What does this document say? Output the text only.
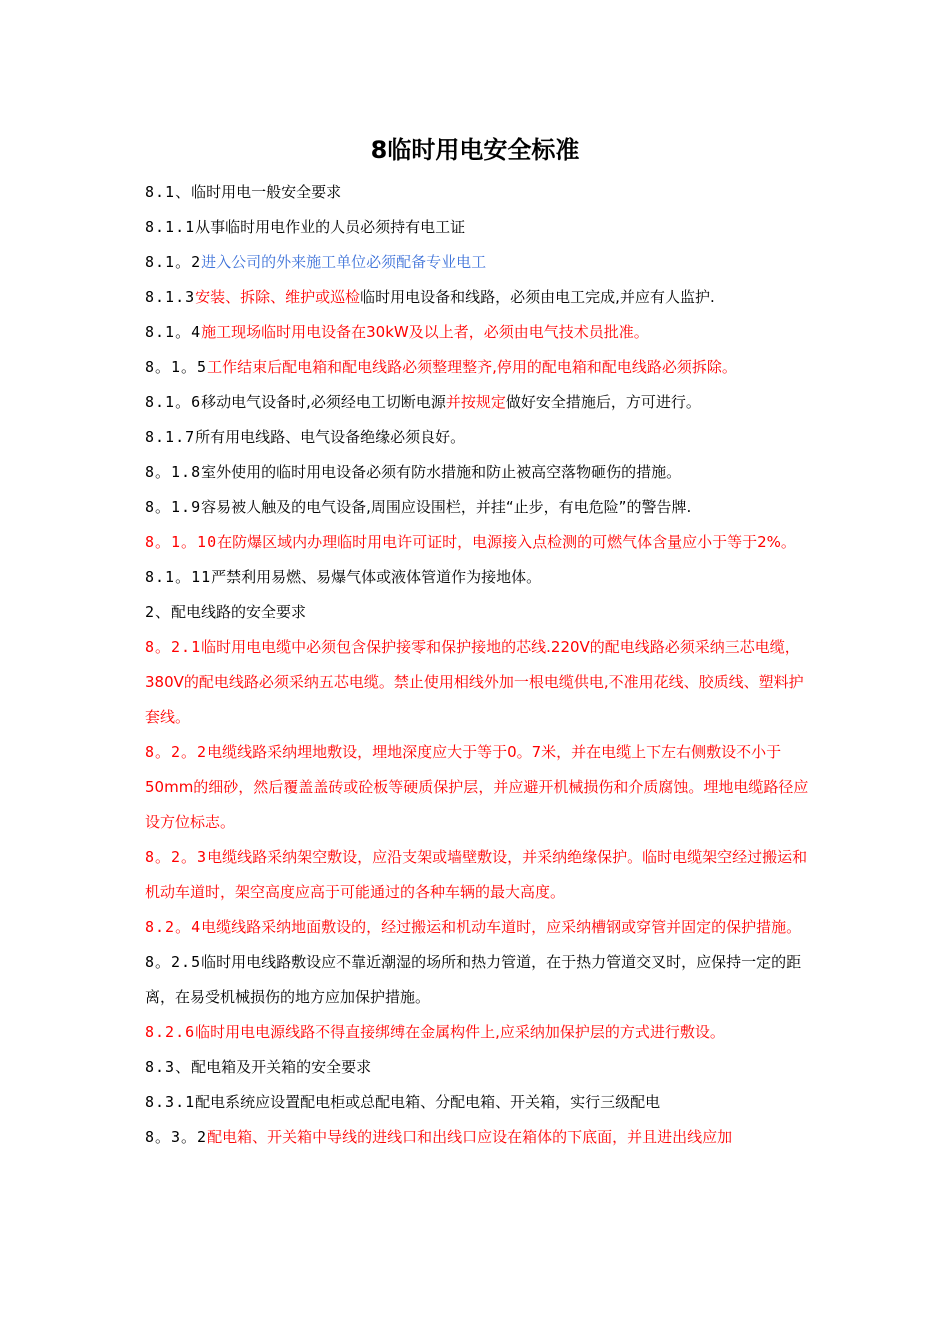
8临时用电安全标准

8.1、临时用电一般安全要求

8.1.1从事临时用电作业的人员必须持有电工证

8.1。2进入公司的外来施工单位必须配备专业电工

8.1.3安装、拆除、维护或巡检临时用电设备和线路，必须由电工完成,并应有人监护.

8.1。4施工现场临时用电设备在30kW及以上者，必须由电气技术员批准。

8。1。5工作结束后配电箱和配电线路必须整理整齐,停用的配电箱和配电线路必须拆除。

8.1。6移动电气设备时,必须经电工切断电源并按规定做好安全措施后，方可进行。

8.1.7所有用电线路、电气设备绝缘必须良好。

8。1.8室外使用的临时用电设备必须有防水措施和防止被高空落物砸伤的措施。

8。1.9容易被人触及的电气设备,周围应设围栏，并挂“止步，有电危险”的警告牌.

8。1。10在防爆区域内办理临时用电许可证时，电源接入点检测的可燃气体含量应小于等于2%。

8.1。11严禁利用易燃、易爆气体或液体管道作为接地体。

2、配电线路的安全要求

8。2.1临时用电电缆中必须包含保护接零和保护接地的芯线.220V的配电线路必须采纳三芯电缆，380V的配电线路必须采纳五芯电缆。禁止使用相线外加一根电缆供电,不准用花线、胶质线、塑料护套线。

8。2。2电缆线路采纳埋地敷设，埋地深度应大于等于0。7米，并在电缆上下左右侧敷设不小于50mm的细砂，然后覆盖盖砖或砼板等硬质保护层，并应避开机械损伤和介质腐蚀。埋地电缆路径应设方位标志。

8。2。3电缆线路采纳架空敷设，应沿支架或墙壁敷设，并采纳绝缘保护。临时电缆架空经过搬运和机动车道时，架空高度应高于可能通过的各种车辆的最大高度。

8.2。4电缆线路采纳地面敷设的，经过搬运和机动车道时，应采纳槽钢或穿管并固定的保护措施。

8。2.5临时用电线路敷设应不靠近潮湿的场所和热力管道，在于热力管道交叉时，应保持一定的距离，在易受机械损伤的地方应加保护措施。

8.2.6临时用电电源线路不得直接绑缚在金属构件上,应采纳加保护层的方式进行敷设。

8.3、配电箱及开关箱的安全要求

8.3.1配电系统应设置配电柜或总配电箱、分配电箱、开关箱，实行三级配电

8。3。2配电箱、开关箱中导线的进线口和出线口应设在箱体的下底面，并且进出线应加
